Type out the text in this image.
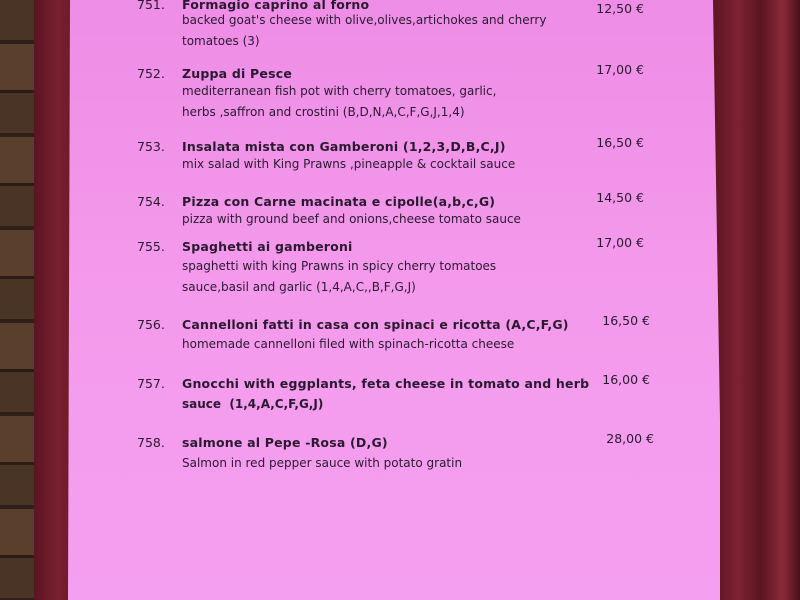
751. Formagio caprino al forno	12,50 €
backed goat's cheese with olive,olives,artichokes and cherry
tomatoes (3)
752. Zuppa di Pesce	17,00 €
mediterranean fish pot with cherry tomatoes, garlic,
herbs ,saffron and crostini (B,D,N,A,C,F,G,J,1,4)
753. Insalata mista con Gamberoni (1,2,3,D,B,C,J)	16,50 €
mix salad with King Prawns ,pineapple & cocktail sauce
754. Pizza con Carne macinata e cipolle(a,b,c,G)	14,50 €
pizza with ground beef and onions,cheese tomato sauce
755. Spaghetti ai gamberoni	17,00 €
spaghetti with king Prawns in spicy cherry tomatoes
sauce,basil and garlic (1,4,A,C,,B,F,G,J)
756. Cannelloni fatti in casa con spinaci e ricotta (A,C,F,G)	16,50 €
homemade cannelloni filed with spinach-ricotta cheese
757. Gnocchi with eggplants, feta cheese in tomato and herb 16,00 €
sauce  (1,4,A,C,F,G,J)
758. salmone al Pepe -Rosa (D,G)	28,00 €
Salmon in red pepper sauce with potato gratin
